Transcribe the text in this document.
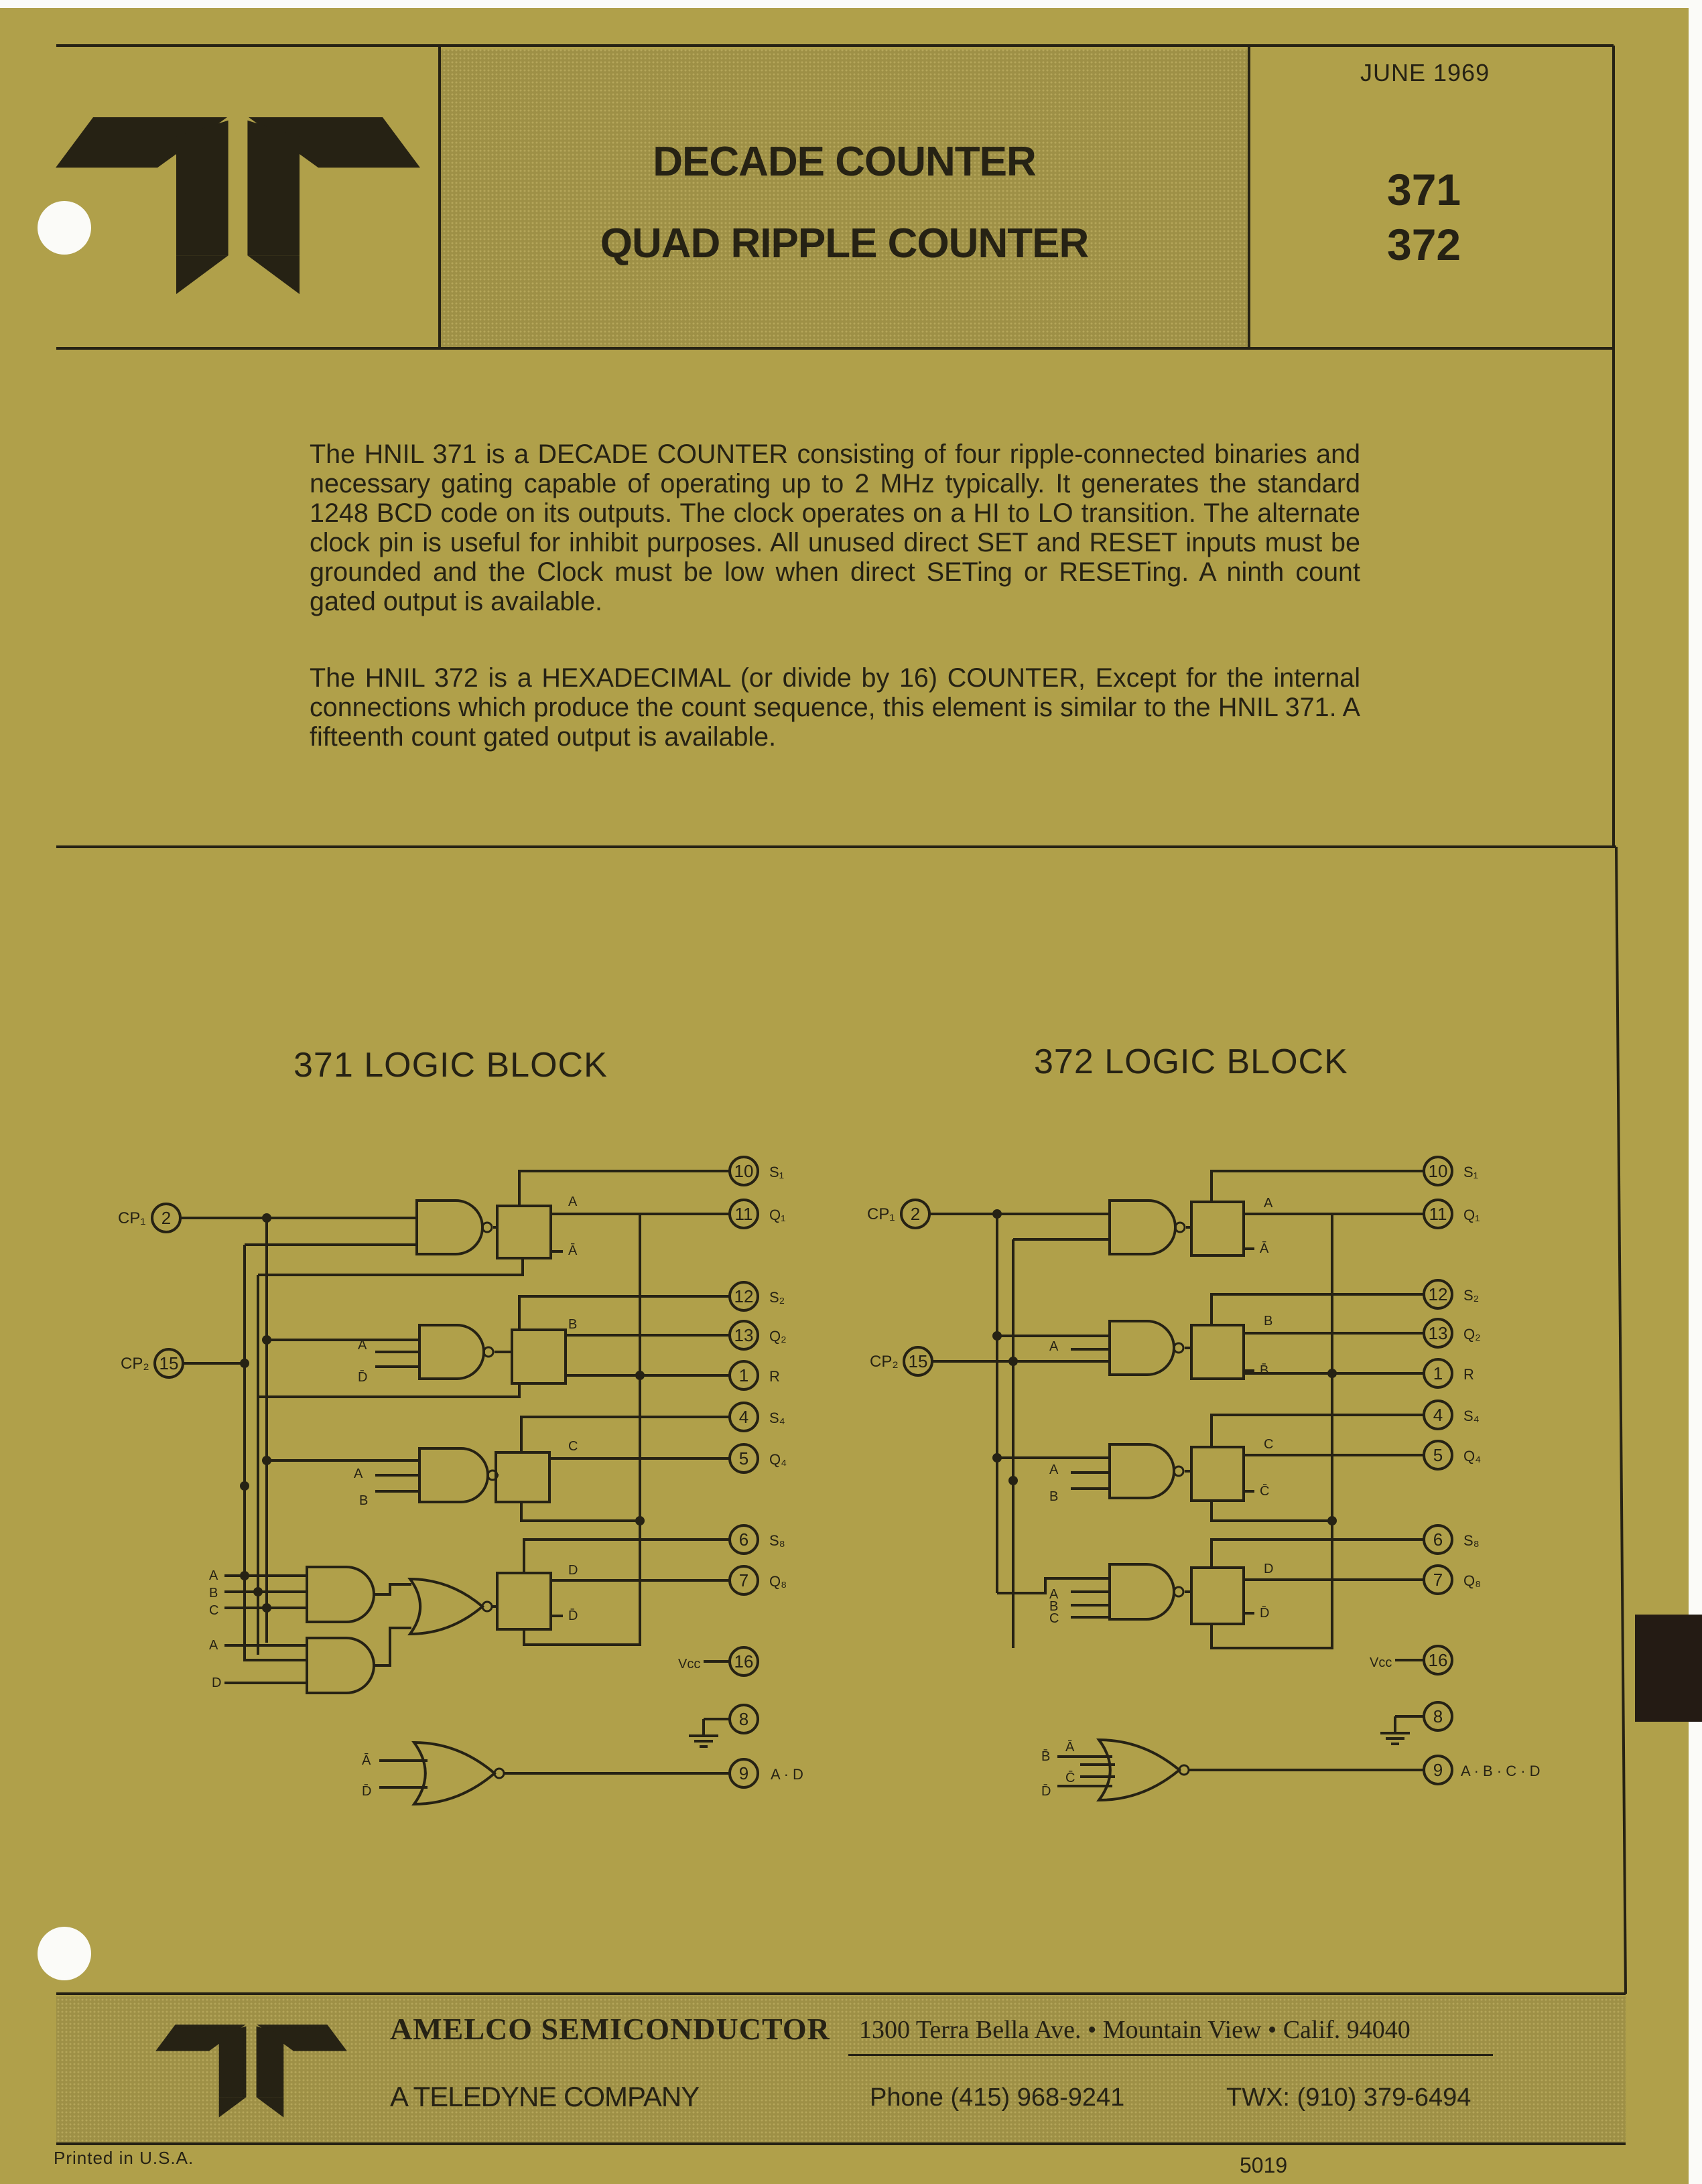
10 S₁
11 Q₁
12 S₂
13 Q₂
1 R
4 S₄
5 Q₄
6 S₈
7 Q₈
2
CP₁
15
CP₂
A
Ā
A
D̄
B
A
B
C
A
B
C
A
D
D
D̄
16
Vcc
8
Ā
D̄
9 A · D
10 S₁
11 Q₁
12 S₂
13 Q₂
1 R
4 S₄
5 Q₄
6 S₈
7 Q₈
2
CP₁
15
CP₂
A
Ā
A
B
B̄
A
B
C
C̄
A
B
C
D
D̄
16
Vcc
8
B̄
Ā
C̄
D̄
9 A · B · C · D
JUNE 1969
DECADE COUNTER
QUAD RIPPLE COUNTER
371
372

The HNIL 371 is a DECADE COUNTER consisting of four ripple-connected binaries and necessary gating capable of operating up to 2 MHz typically. It generates the standard 1248 BCD code on its outputs. The clock operates on a HI to LO transition. The alternate clock pin is useful for inhibit purposes. All unused direct SET and RESET inputs must be grounded and the Clock must be low when direct SETing or RESETing. A ninth count gated output is available.

The HNIL 372 is a HEXADECIMAL (or divide by 16) COUNTER, Except for the internal connections which produce the count sequence, this element is similar to the HNIL 371. A fifteenth count gated output is available.

371 LOGIC BLOCK	372 LOGIC BLOCK
AMELCO SEMICONDUCTOR 1300 Terra Bella Ave. • Mountain View • Calif. 94040
A TELEDYNE COMPANY	Phone (415) 968-9241	TWX: (910) 379-6494
Printed in U.S.A.	5019
